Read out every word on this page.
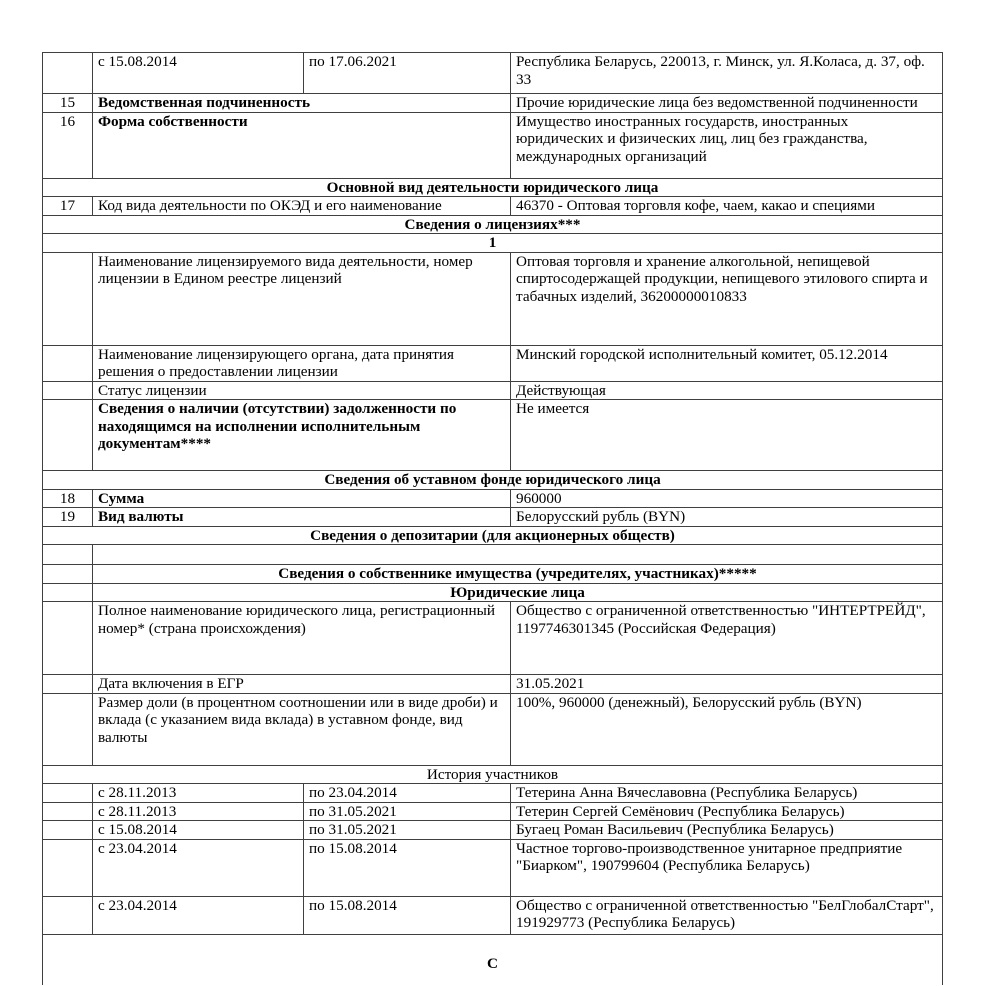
	с 15.08.2014	по 17.06.2021	Республика Беларусь, 220013, г. Минск, ул. Я.Коласа, д. 37, оф. 33
15	Ведомственная подчиненность		Прочие юридические лица без ведомственной подчиненности
16	Форма собственности		Имущество иностранных государств, иностранных юридических и физических лиц, лиц без гражданства, международных организаций
Основной вид деятельности юридического лица			
17	Код вида деятельности по ОКЭД и его наименование		46370 - Оптовая торговля кофе, чаем, какао и специями
Сведения о лицензиях***			
1			
	Наименование лицензируемого вида деятельности, номер лицензии в Едином реестре лицензий		Оптовая торговля и хранение алкогольной, непищевой спиртосодержащей продукции, непищевого этилового спирта и табачных изделий, 36200000010833
	Наименование лицензирующего органа, дата принятия решения о предоставлении лицензии		Минский городской исполнительный комитет, 05.12.2014
	Статус лицензии		Действующая
	Сведения о наличии (отсутствии) задолженности по находящимся на исполнении исполнительным документам****		Не имеется
Сведения об уставном фонде юридического лица			
18	Сумма		960000
19	Вид валюты		Белорусский рубль (BYN)
Сведения о депозитарии (для акционерных обществ)			

	Сведения о собственнике имущества (учредителях, участниках)*****		
	Юридические лица		
	Полное наименование юридического лица, регистрационный номер* (страна происхождения)		Общество с ограниченной ответственностью "ИНТЕРТРЕЙД", 1197746301345 (Российская Федерация)
	Дата включения в ЕГР		31.05.2021
	Размер доли (в процентном соотношении или в виде дроби) и вклада (с указанием вида вклада) в уставном фонде, вид валюты		100%, 960000 (денежный), Белорусский рубль (BYN)
История участников			
	с 28.11.2013	по 23.04.2014	Тетерина Анна Вячеславовна (Республика Беларусь)
	с 28.11.2013	по 31.05.2021	Тетерин Сергей Семёнович (Республика Беларусь)
	с 15.08.2014	по 31.05.2021	Бугаец Роман Васильевич (Республика Беларусь)
	с 23.04.2014	по 15.08.2014	Частное торгово-производственное унитарное предприятие "Биарком", 190799604 (Республика Беларусь)
	с 23.04.2014	по 15.08.2014	Общество с ограниченной ответственностью "БелГлобалСтарт", 191929773 (Республика Беларусь)
С			
